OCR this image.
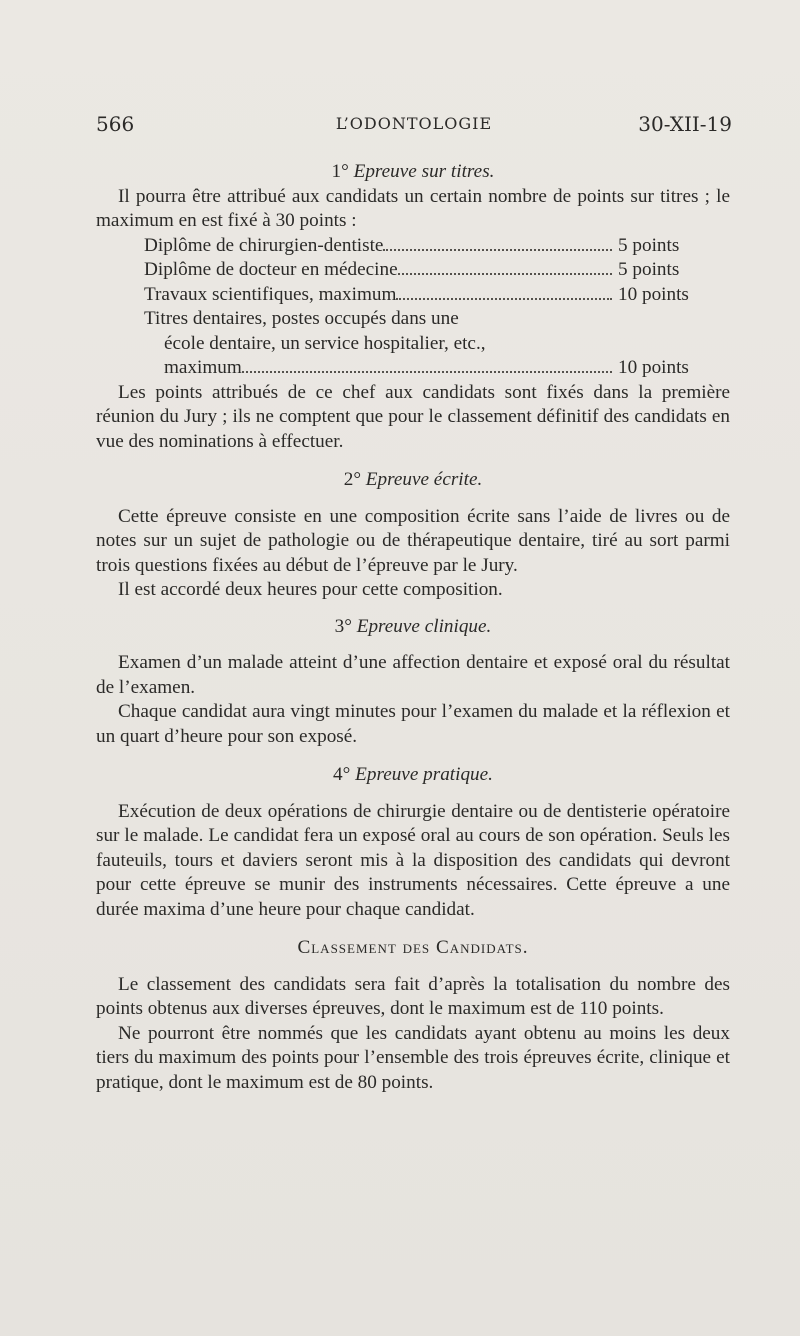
566	L’ODONTOLOGIE	30-XII-19

1° Epreuve sur titres.

Il pourra être attribué aux candidats un certain nombre de points sur titres ; le maximum en est fixé à 30 points :

Diplôme de chirurgien-dentiste	5 points
Diplôme de docteur en médecine	5 points
Travaux scientifiques, maximum	10 points
Titres dentaires, postes occupés dans une
école dentaire, un service hospitalier, etc.,
maximum	10 points

Les points attribués de ce chef aux candidats sont fixés dans la première réunion du Jury ; ils ne comptent que pour le classement définitif des candidats en vue des nominations à effectuer.

2° Epreuve écrite.

Cette épreuve consiste en une composition écrite sans l’aide de livres ou de notes sur un sujet de pathologie ou de thérapeutique dentaire, tiré au sort parmi trois questions fixées au début de l’épreuve par le Jury.

Il est accordé deux heures pour cette composition.

3° Epreuve clinique.

Examen d’un malade atteint d’une affection dentaire et exposé oral du résultat de l’examen.

Chaque candidat aura vingt minutes pour l’examen du malade et la réflexion et un quart d’heure pour son exposé.

4° Epreuve pratique.

Exécution de deux opérations de chirurgie dentaire ou de dentisterie opératoire sur le malade. Le candidat fera un exposé oral au cours de son opération. Seuls les fauteuils, tours et daviers seront mis à la disposition des candidats qui devront pour cette épreuve se munir des instruments nécessaires. Cette épreuve a une durée maxima d’une heure pour chaque candidat.

Classement des Candidats.

Le classement des candidats sera fait d’après la totalisation du nombre des points obtenus aux diverses épreuves, dont le maximum est de 110 points.

Ne pourront être nommés que les candidats ayant obtenu au moins les deux tiers du maximum des points pour l’ensemble des trois épreuves écrite, clinique et pratique, dont le maximum est de 80 points.
